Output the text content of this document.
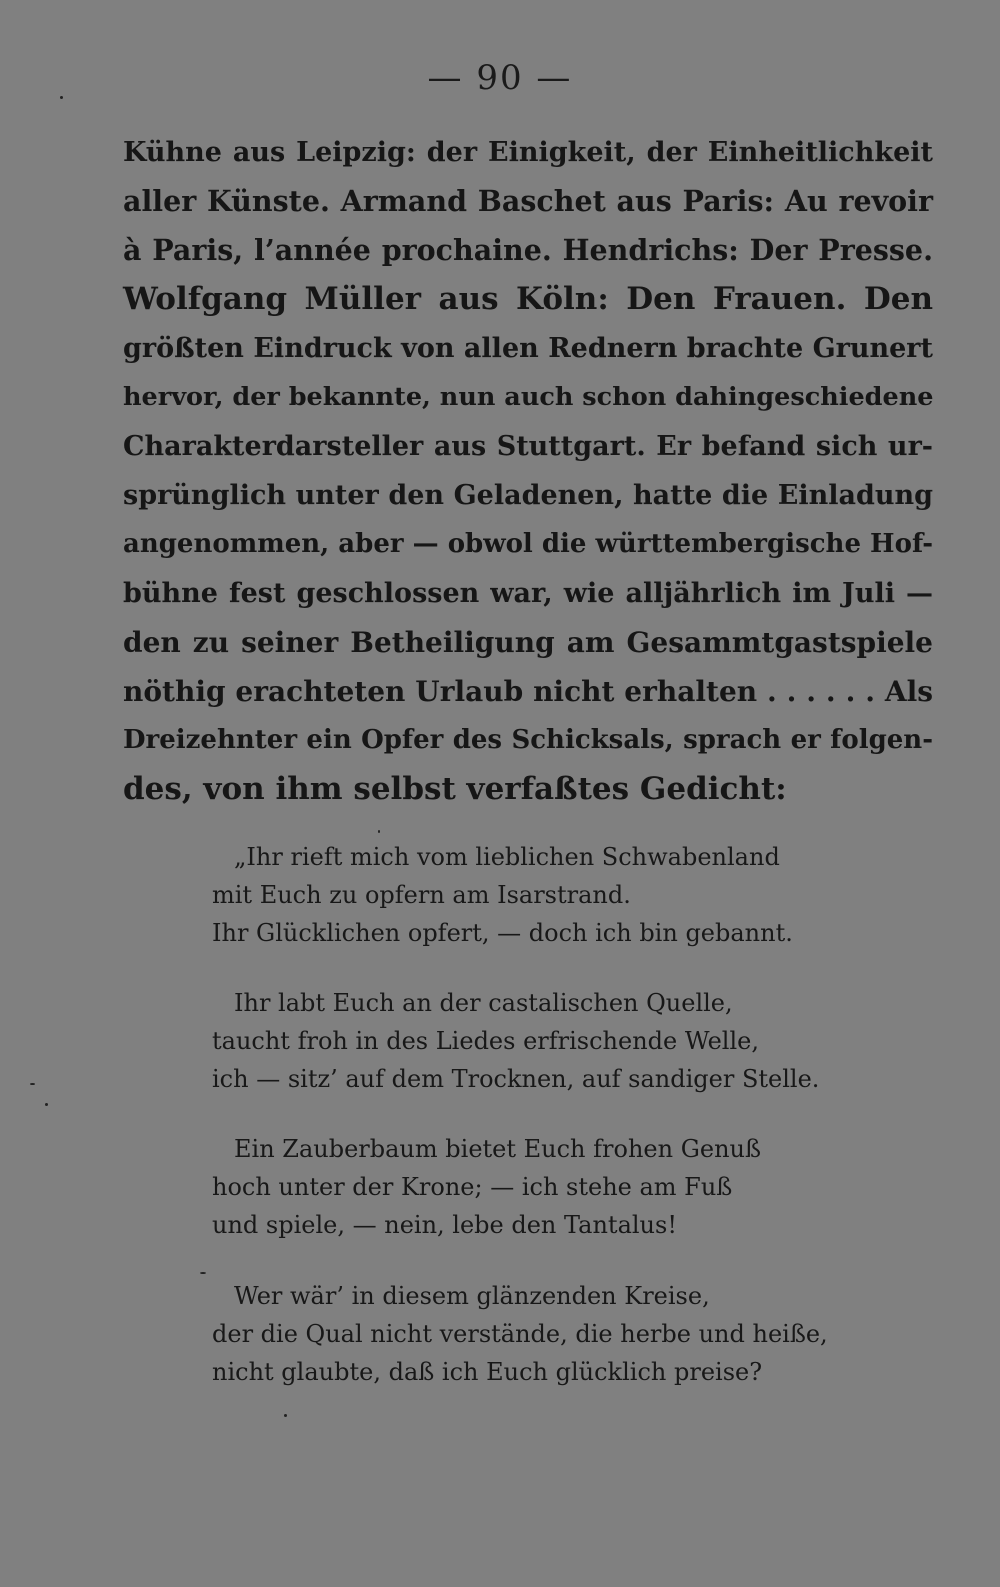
— 90 —
Kühne aus Leipzig: der Einigkeit, der Einheitlichkeit
aller Künste. Armand Baschet aus Paris: Au revoir
à Paris, l’année prochaine. Hendrichs: Der Presse.
Wolfgang Müller aus Köln: Den Frauen. Den
größten Eindruck von allen Rednern brachte Grunert
hervor, der bekannte, nun auch schon dahingeschiedene
Charakterdarsteller aus Stuttgart. Er befand sich ur-
sprünglich unter den Geladenen, hatte die Einladung
angenommen, aber — obwol die württembergische Hof-
bühne fest geschlossen war, wie alljährlich im Juli —
den zu seiner Betheiligung am Gesammtgastspiele
nöthig erachteten Urlaub nicht erhalten . . . . . . Als
Dreizehnter ein Opfer des Schicksals, sprach er folgen-
des, von ihm selbst verfaßtes Gedicht:
„Ihr rieft mich vom lieblichen Schwabenland
mit Euch zu opfern am Isarstrand.
Ihr Glücklichen opfert, — doch ich bin gebannt.
Ihr labt Euch an der castalischen Quelle,
taucht froh in des Liedes erfrischende Welle,
ich — sitz’ auf dem Trocknen, auf sandiger Stelle.
Ein Zauberbaum bietet Euch frohen Genuß
hoch unter der Krone; — ich stehe am Fuß
und spiele, — nein, lebe den Tantalus!
Wer wär’ in diesem glänzenden Kreise,
der die Qual nicht verstände, die herbe und heiße,
nicht glaubte, daß ich Euch glücklich preise?
